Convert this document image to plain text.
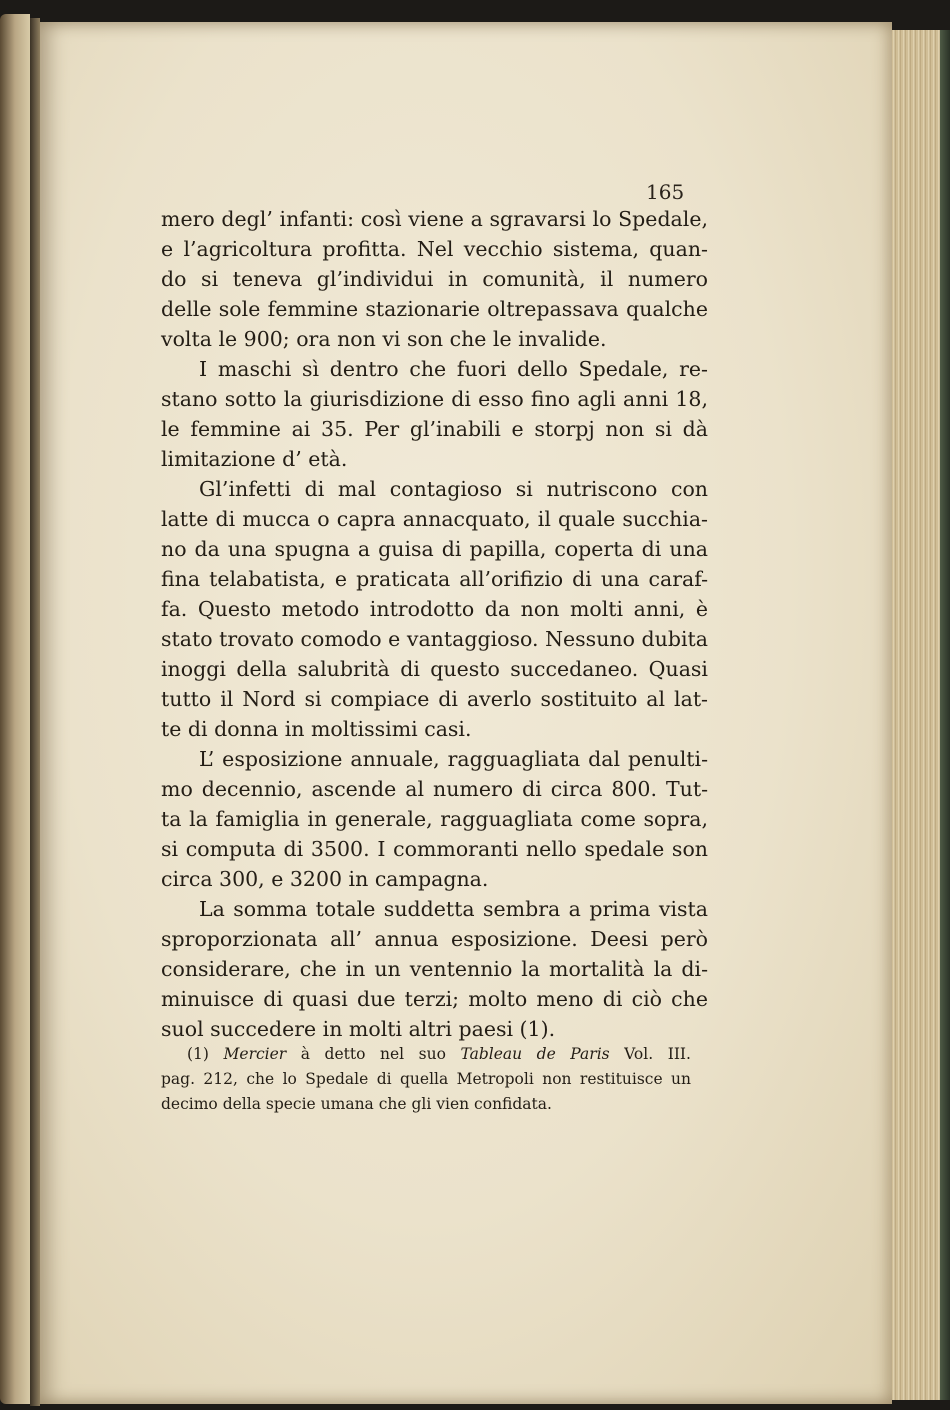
165
mero degl’ infanti: così viene a sgravarsi lo Spedale,
e l’agricoltura profitta. Nel vecchio sistema, quan-
do si teneva gl’individui in comunità, il numero
delle sole femmine stazionarie oltrepassava qualche
volta le 900; ora non vi son che le invalide.
I maschi sì dentro che fuori dello Spedale, re-
stano sotto la giurisdizione di esso fino agli anni 18,
le femmine ai 35. Per gl’inabili e storpj non si dà
limitazione d’ età.
Gl’infetti di mal contagioso si nutriscono con
latte di mucca o capra annacquato, il quale succhia-
no da una spugna a guisa di papilla, coperta di una
fina telabatista, e praticata all’orifizio di una caraf-
fa. Questo metodo introdotto da non molti anni, è
stato trovato comodo e vantaggioso. Nessuno dubita
inoggi della salubrità di questo succedaneo. Quasi
tutto il Nord si compiace di averlo sostituito al lat-
te di donna in moltissimi casi.
L’ esposizione annuale, ragguagliata dal penulti-
mo decennio, ascende al numero di circa 800. Tut-
ta la famiglia in generale, ragguagliata come sopra,
si computa di 3500. I commoranti nello spedale son
circa 300, e 3200 in campagna.
La somma totale suddetta sembra a prima vista
sproporzionata all’ annua esposizione. Deesi però
considerare, che in un ventennio la mortalità la di-
minuisce di quasi due terzi; molto meno di ciò che
suol succedere in molti altri paesi (1).
(1) Mercier à detto nel suo Tableau de Paris Vol. III.
pag. 212, che lo Spedale di quella Metropoli non restituisce un
decimo della specie umana che gli vien confidata.
